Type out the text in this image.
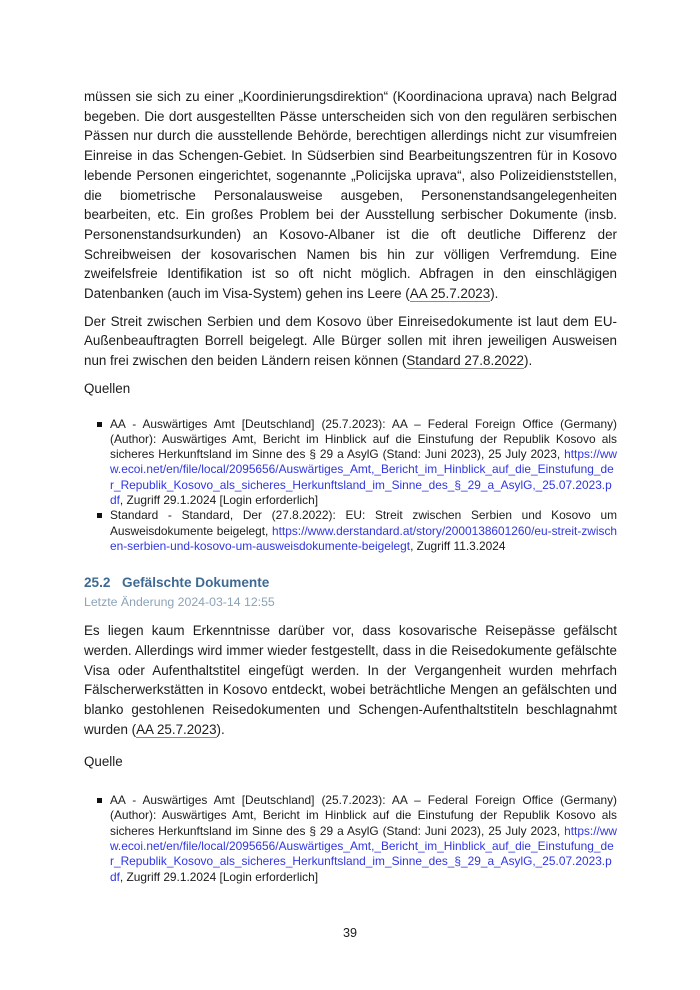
müssen sie sich zu einer „Koordinierungsdirektion“ (Koordinaciona uprava) nach Belgrad begeben. Die dort ausgestellten Pässe unterscheiden sich von den regulären serbischen Pässen nur durch die ausstellende Behörde, berechtigen allerdings nicht zur visumfreien Einreise in das Schengen-Gebiet. In Südserbien sind Bearbeitungszentren für in Kosovo lebende Personen eingerichtet, sogenannte „Policijska uprava“, also Polizeidienststellen, die biometrische Personalausweise ausgeben, Personenstandsangelegenheiten bearbeiten, etc. Ein großes Problem bei der Ausstellung serbischer Dokumente (insb. Personenstandsurkunden) an Kosovo-Albaner ist die oft deutliche Differenz der Schreibweisen der kosovarischen Namen bis hin zur völligen Verfremdung. Eine zweifelsfreie Identifikation ist so oft nicht möglich. Abfragen in den einschlägigen Datenbanken (auch im Visa-System) gehen ins Leere (AA 25.7.2023).

Der Streit zwischen Serbien und dem Kosovo über Einreisedokumente ist laut dem EU-Außenbeauftragten Borrell beigelegt. Alle Bürger sollen mit ihren jeweiligen Ausweisen nun frei zwischen den beiden Ländern reisen können (Standard 27.8.2022).

Quellen
AA - Auswärtiges Amt [Deutschland] (25.7.2023): AA – Federal Foreign Office (Germany) (Author): Auswärtiges Amt, Bericht im Hinblick auf die Einstufung der Republik Kosovo als sicheres Herkunftsland im Sinne des § 29 a AsylG (Stand: Juni 2023), 25 July 2023, https://www.ecoi.net/en/file/local/2095656/Auswärtiges_Amt,_Bericht_im_Hinblick_auf_die_Einstufung_der_Republik_Kosovo_als_sicheres_Herkunftsland_im_Sinne_des_§_29_a_AsylG,_25.07.2023.pdf, Zugriff 29.1.2024 [Login erforderlich]
Standard - Standard, Der (27.8.2022): EU: Streit zwischen Serbien und Kosovo um Ausweisdokumente beigelegt, https://www.derstandard.at/story/2000138601260/eu-streit-zwischen-serbien-und-kosovo-um-ausweisdokumente-beigelegt, Zugriff 11.3.2024
25.2 Gefälschte Dokumente
Letzte Änderung 2024-03-14 12:55

Es liegen kaum Erkenntnisse darüber vor, dass kosovarische Reisepässe gefälscht werden. Allerdings wird immer wieder festgestellt, dass in die Reisedokumente gefälschte Visa oder Aufenthaltstitel eingefügt werden. In der Vergangenheit wurden mehrfach Fälscherwerkstätten in Kosovo entdeckt, wobei beträchtliche Mengen an gefälschten und blanko gestohlenen Reisedokumenten und Schengen-Aufenthaltstiteln beschlagnahmt wurden (AA 25.7.2023).

Quelle
AA - Auswärtiges Amt [Deutschland] (25.7.2023): AA – Federal Foreign Office (Germany) (Author): Auswärtiges Amt, Bericht im Hinblick auf die Einstufung der Republik Kosovo als sicheres Herkunftsland im Sinne des § 29 a AsylG (Stand: Juni 2023), 25 July 2023, https://www.ecoi.net/en/file/local/2095656/Auswärtiges_Amt,_Bericht_im_Hinblick_auf_die_Einstufung_der_Republik_Kosovo_als_sicheres_Herkunftsland_im_Sinne_des_§_29_a_AsylG,_25.07.2023.pdf, Zugriff 29.1.2024 [Login erforderlich]
39
